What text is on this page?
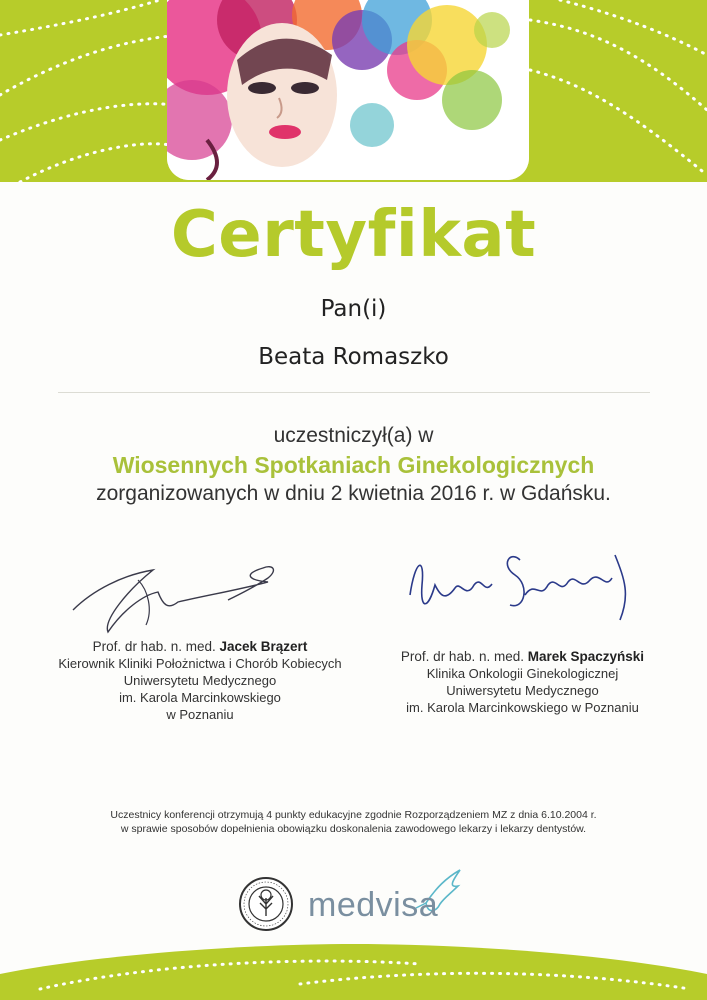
Certyfikat
Pan(i)
Beata Romaszko
uczestniczył(a) w
Wiosennych Spotkaniach Ginekologicznych
zorganizowanych w dniu 2 kwietnia 2016 r. w Gdańsku.
Prof. dr hab. n. med. Jacek Brązert
Kierownik Kliniki Położnictwa i Chorób Kobiecych
Uniwersytetu Medycznego
im. Karola Marcinkowskiego
w Poznaniu
Prof. dr hab. n. med. Marek Spaczyński
Klinika Onkologii Ginekologicznej
Uniwersytetu Medycznego
im. Karola Marcinkowskiego w Poznaniu
Uczestnicy konferencji otrzymują 4 punkty edukacyjne zgodnie Rozporządzeniem MZ z dnia 6.10.2004 r.
w sprawie sposobów dopełnienia obowiązku doskonalenia zawodowego lekarzy i lekarzy dentystów.
medvisa
